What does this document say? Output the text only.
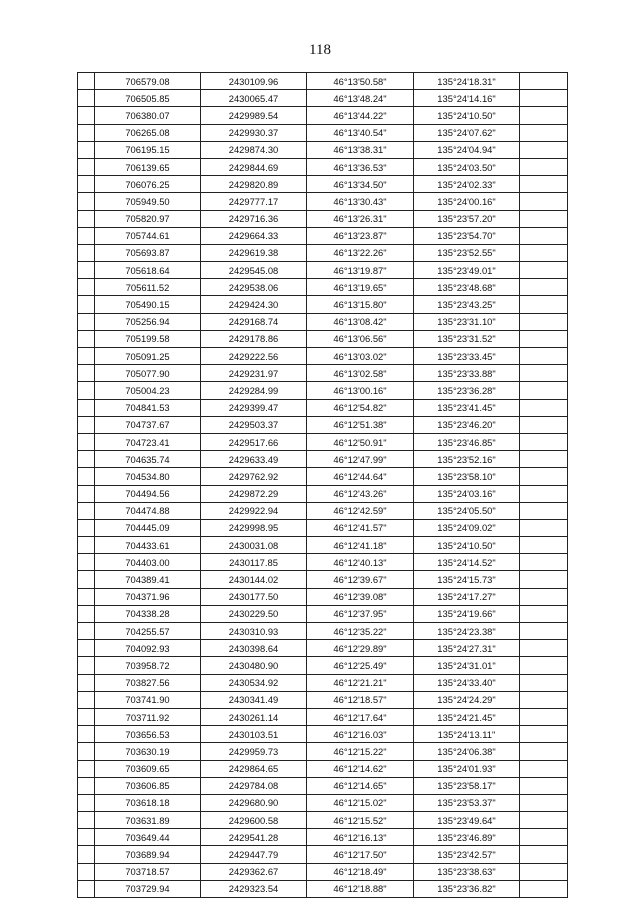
118
	706579.08	2430109.96	46°13'50.58"	135°24'18.31"	
	706505.85	2430065.47	46°13'48.24"	135°24'14.16"	
	706380.07	2429989.54	46°13'44.22"	135°24'10.50"	
	706265.08	2429930.37	46°13'40.54"	135°24'07.62"	
	706195.15	2429874.30	46°13'38.31"	135°24'04.94"	
	706139.65	2429844.69	46°13'36.53"	135°24'03.50"	
	706076.25	2429820.89	46°13'34.50"	135°24'02.33"	
	705949.50	2429777.17	46°13'30.43"	135°24'00.16"	
	705820.97	2429716.36	46°13'26.31"	135°23'57.20"	
	705744.61	2429664.33	46°13'23.87"	135°23'54.70"	
	705693.87	2429619.38	46°13'22.26"	135°23'52.55"	
	705618.64	2429545.08	46°13'19.87"	135°23'49.01"	
	705611.52	2429538.06	46°13'19.65"	135°23'48.68"	
	705490.15	2429424.30	46°13'15.80"	135°23'43.25"	
	705256.94	2429168.74	46°13'08.42"	135°23'31.10"	
	705199.58	2429178.86	46°13'06.56"	135°23'31.52"	
	705091.25	2429222.56	46°13'03.02"	135°23'33.45"	
	705077.90	2429231.97	46°13'02.58"	135°23'33.88"	
	705004.23	2429284.99	46°13'00.16"	135°23'36.28"	
	704841.53	2429399.47	46°12'54.82"	135°23'41.45"	
	704737.67	2429503.37	46°12'51.38"	135°23'46.20"	
	704723.41	2429517.66	46°12'50.91"	135°23'46.85"	
	704635.74	2429633.49	46°12'47.99"	135°23'52.16"	
	704534.80	2429762.92	46°12'44.64"	135°23'58.10"	
	704494.56	2429872.29	46°12'43.26"	135°24'03.16"	
	704474.88	2429922.94	46°12'42.59"	135°24'05.50"	
	704445.09	2429998.95	46°12'41.57"	135°24'09.02"	
	704433.61	2430031.08	46°12'41.18"	135°24'10.50"	
	704403.00	2430117.85	46°12'40.13"	135°24'14.52"	
	704389.41	2430144.02	46°12'39.67"	135°24'15.73"	
	704371.96	2430177.50	46°12'39.08"	135°24'17.27"	
	704338.28	2430229.50	46°12'37.95"	135°24'19.66"	
	704255.57	2430310.93	46°12'35.22"	135°24'23.38"	
	704092.93	2430398.64	46°12'29.89"	135°24'27.31"	
	703958.72	2430480.90	46°12'25.49"	135°24'31.01"	
	703827.56	2430534.92	46°12'21.21"	135°24'33.40"	
	703741.90	2430341.49	46°12'18.57"	135°24'24.29"	
	703711.92	2430261.14	46°12'17.64"	135°24'21.45"	
	703656.53	2430103.51	46°12'16.03"	135°24'13.11"	
	703630.19	2429959.73	46°12'15.22"	135°24'06.38"	
	703609.65	2429864.65	46°12'14.62"	135°24'01.93"	
	703606.85	2429784.08	46°12'14.65"	135°23'58.17"	
	703618.18	2429680.90	46°12'15.02"	135°23'53.37"	
	703631.89	2429600.58	46°12'15.52"	135°23'49.64"	
	703649.44	2429541.28	46°12'16.13"	135°23'46.89"	
	703689.94	2429447.79	46°12'17.50"	135°23'42.57"	
	703718.57	2429362.67	46°12'18.49"	135°23'38.63"	
	703729.94	2429323.54	46°12'18.88"	135°23'36.82"	
